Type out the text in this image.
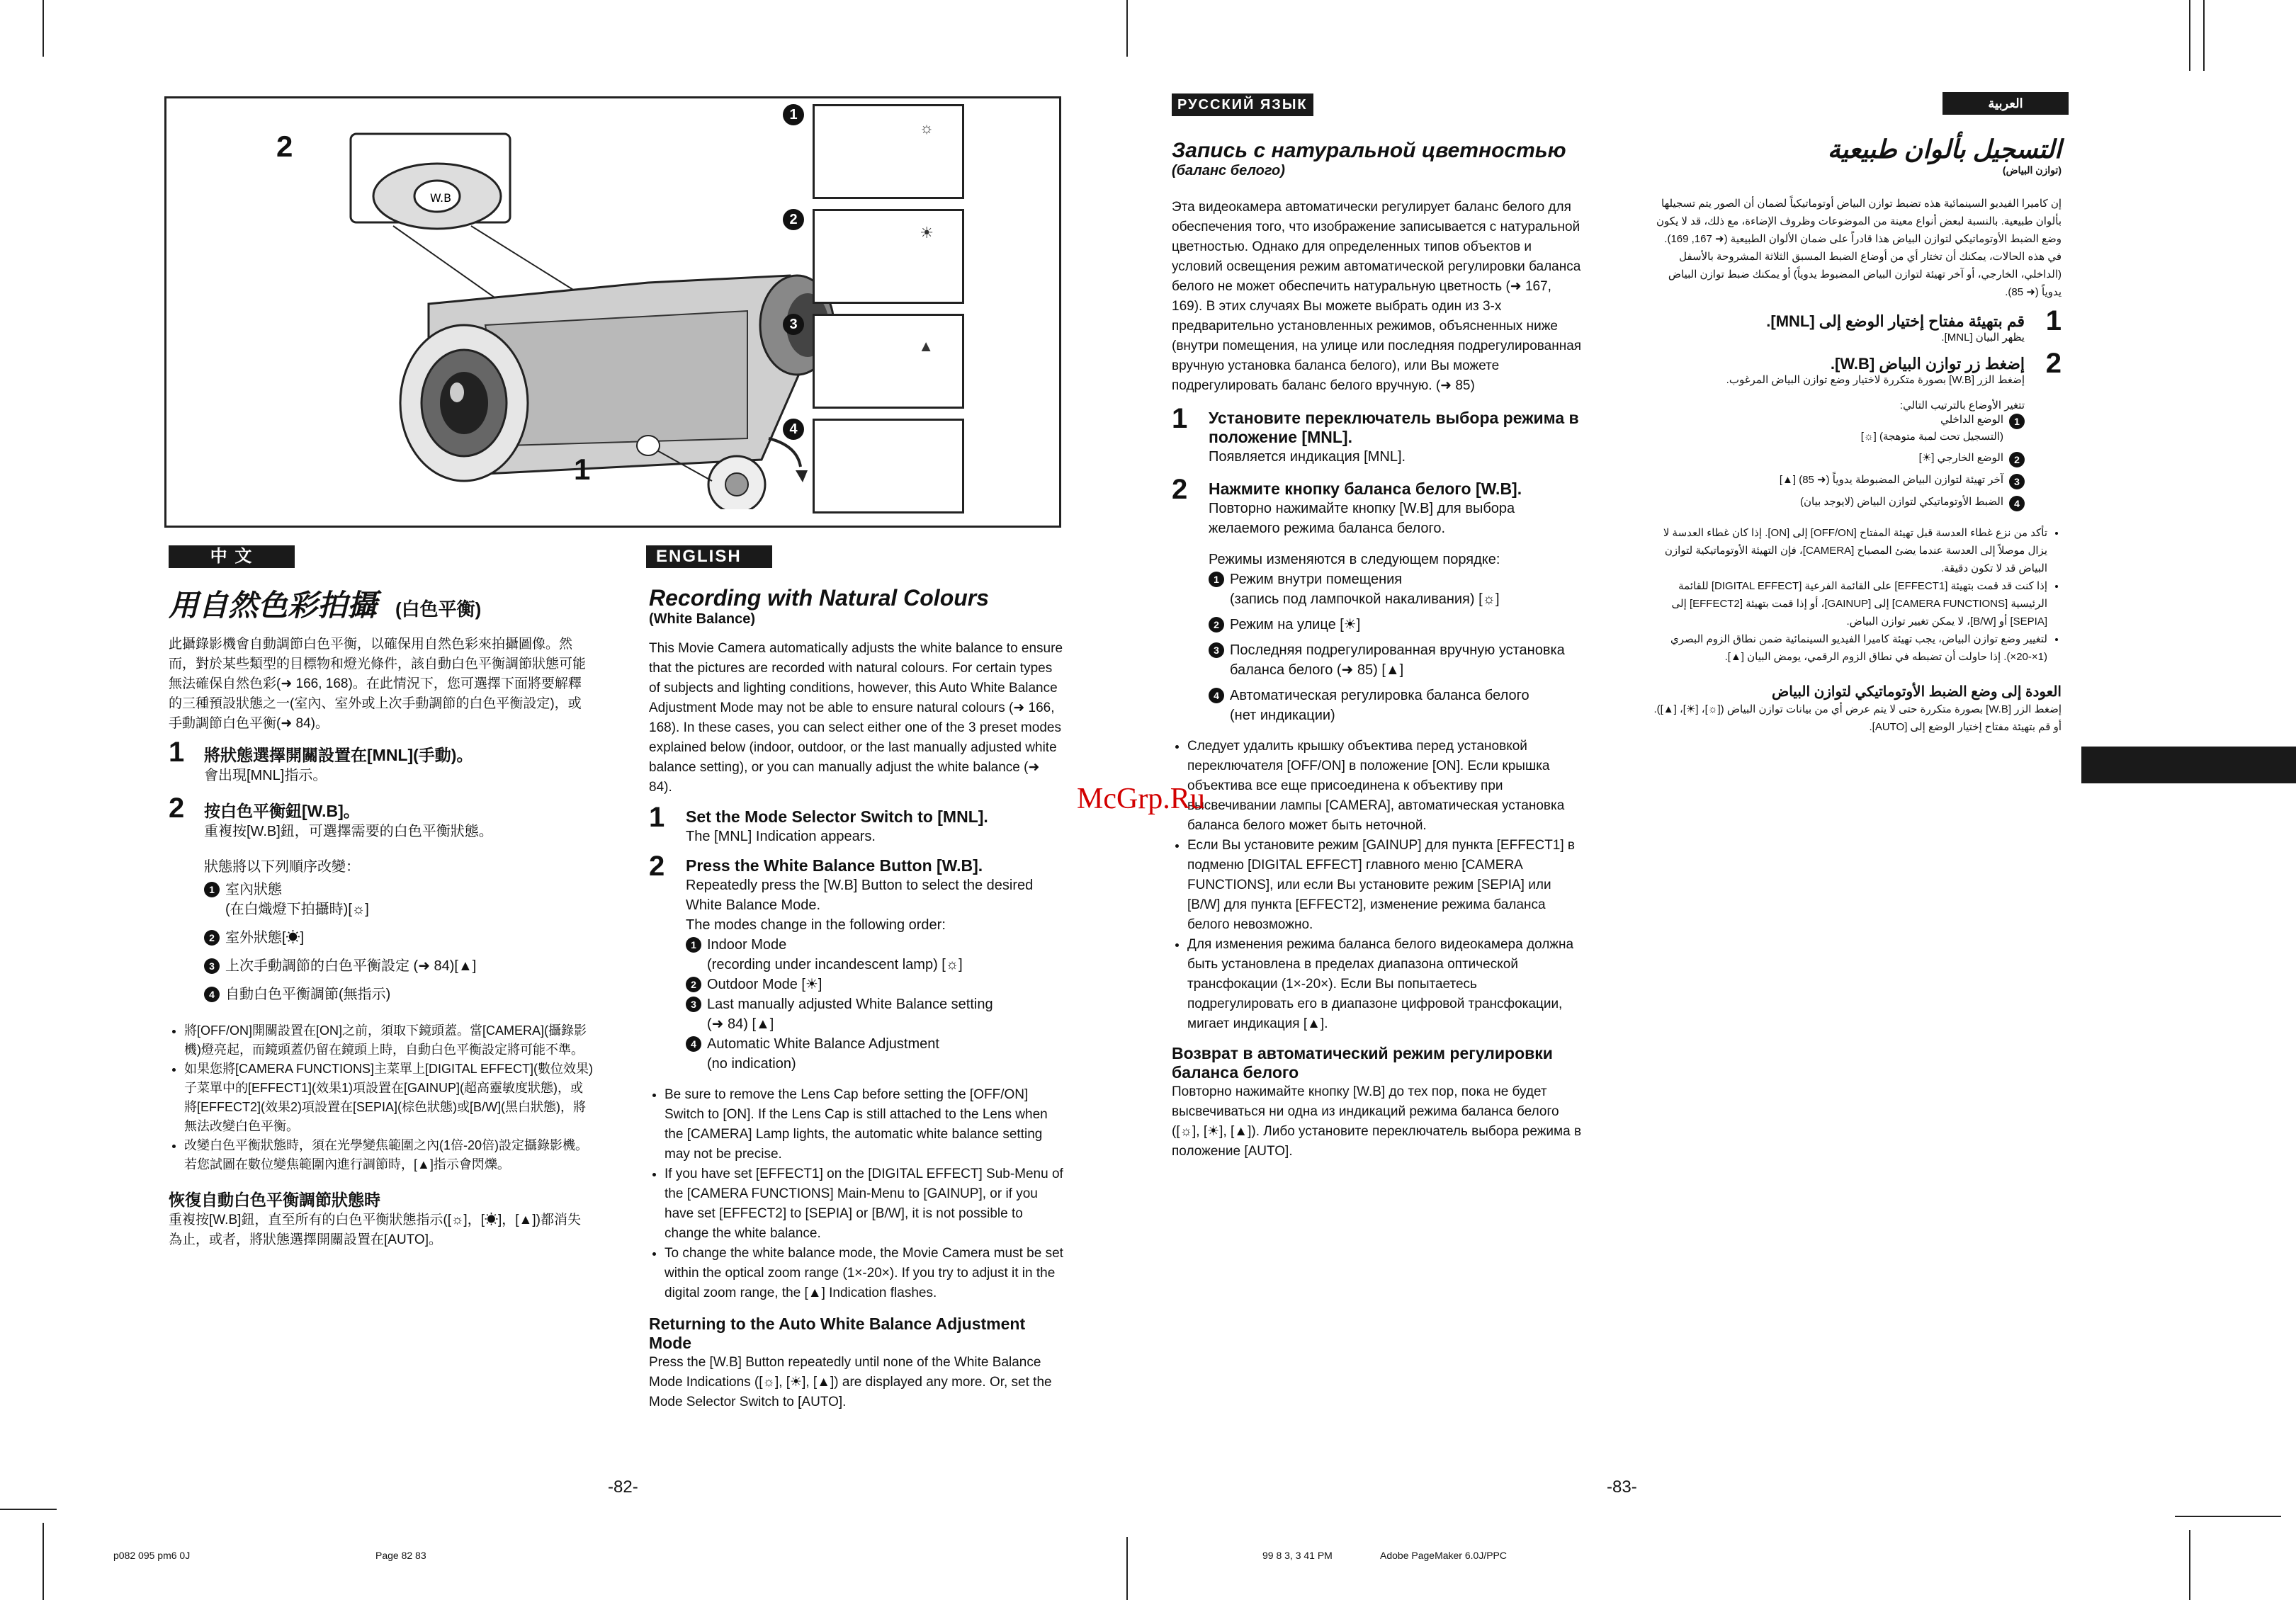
W.B
2
1
1
☼
2
☀
3
▲
4
中 文
用自然色彩拍攝 (白色平衡)
此攝錄影機會自動調節白色平衡，以確保用自然色彩來拍攝圖像。然而，對於某些類型的目標物和燈光條件，該自動白色平衡調節狀態可能無法確保自然色彩(➜ 166, 168)。在此情況下，您可選擇下面將要解釋的三種預設狀態之一(室內、室外或上次手動調節的白色平衡設定)，或手動調節白色平衡(➜ 84)。
1 將狀態選擇開關設置在[MNL](手動)。
會出現[MNL]指示。
2 按白色平衡鈕[W.B]。
重複按[W.B]鈕，可選擇需要的白色平衡狀態。
狀態將以下列順序改變：
1 室內狀態
(在白熾燈下拍攝時)[☼]
2 室外狀態[☀]
3 上次手動調節的白色平衡設定 (➜ 84)[▲]
4 自動白色平衡調節(無指示)
• 將[OFF/ON]開關設置在[ON]之前，須取下鏡頭蓋。當[CAMERA](攝錄影機)燈亮起，而鏡頭蓋仍留在鏡頭上時，自動白色平衡設定將可能不準。
• 如果您將[CAMERA FUNCTIONS]主菜單上[DIGITAL EFFECT](數位效果)子菜單中的[EFFECT1](效果1)項設置在[GAINUP](超高靈敏度狀態)，或將[EFFECT2](效果2)項設置在[SEPIA](棕色狀態)或[B/W](黑白狀態)，將無法改變白色平衡。
• 改變白色平衡狀態時，須在光學變焦範圍之內(1倍-20倍)設定攝錄影機。若您試圖在數位變焦範圍內進行調節時，[▲]指示會閃爍。
恢復自動白色平衡調節狀態時
重複按[W.B]鈕，直至所有的白色平衡狀態指示([☼]，[☀]，[▲])都消失為止，或者，將狀態選擇開關設置在[AUTO]。
ENGLISH
Recording with Natural Colours
(White Balance)
This Movie Camera automatically adjusts the white balance to ensure that the pictures are recorded with natural colours. For certain types of subjects and lighting conditions, however, this Auto White Balance Adjustment Mode may not be able to ensure natural colours (➜ 166, 168). In these cases, you can select either one of the 3 preset modes explained below (indoor, outdoor, or the last manually adjusted white balance setting), or you can manually adjust the white balance (➜ 84).
1 Set the Mode Selector Switch to [MNL].
The [MNL] Indication appears.
2 Press the White Balance Button [W.B].
Repeatedly press the [W.B] Button to select the desired White Balance Mode.
The modes change in the following order:
1 Indoor Mode
(recording under incandescent lamp) [☼]
2 Outdoor Mode [☀]
3 Last manually adjusted White Balance setting
(➜ 84) [▲]
4 Automatic White Balance Adjustment
(no indication)
• Be sure to remove the Lens Cap before setting the [OFF/ON] Switch to [ON]. If the Lens Cap is still attached to the Lens when the [CAMERA] Lamp lights, the automatic white balance setting may not be precise.
• If you have set [EFFECT1] on the [DIGITAL EFFECT] Sub-Menu of the [CAMERA FUNCTIONS] Main-Menu to [GAINUP], or if you have set [EFFECT2] to [SEPIA] or [B/W], it is not possible to change the white balance.
• To change the white balance mode, the Movie Camera must be set within the optical zoom range (1×-20×). If you try to adjust it in the digital zoom range, the [▲] Indication flashes.
Returning to the Auto White Balance Adjustment Mode
Press the [W.B] Button repeatedly until none of the White Balance Mode Indications ([☼], [☀], [▲]) are displayed any more. Or, set the Mode Selector Switch to [AUTO].
-82-
РУССКИЙ ЯЗЫК
Запись с натуральной цветностью (баланс белого)
Эта видеокамера автоматически регулирует баланс белого для обеспечения того, что изображение записывается с натуральной цветностью. Однако для определенных типов объектов и условий освещения режим автоматической регулировки баланса белого не может обеспечить натуральную цветность (➜ 167, 169). В этих случаях Вы можете выбрать один из 3-х предварительно установленных режимов, объясненных ниже (внутри помещения, на улице или последняя подрегулированная вручную установка баланса белого), или Вы можете подрегулировать баланс белого вручную. (➜ 85)
1 Установите переключатель выбора режима в положение [MNL].
Появляется индикация [MNL].
2 Нажмите кнопку баланса белого [W.B].
Повторно нажимайте кнопку [W.B] для выбора желаемого режима баланса белого.
Режимы изменяются в следующем порядке:
1 Режим внутри помещения
(запись под лампочкой накаливания) [☼]
2 Режим на улице [☀]
3 Последняя подрегулированная вручную установка баланса белого (➜ 85) [▲]
4 Автоматическая регулировка баланса белого
(нет индикации)
• Следует удалить крышку объектива перед установкой переключателя [OFF/ON] в положение [ON]. Если крышка объектива все еще присоединена к объективу при высвечивании лампы [CAMERA], автоматическая установка баланса белого может быть неточной.
• Если Вы установите режим [GAINUP] для пункта [EFFECT1] в подменю [DIGITAL EFFECT] главного меню [CAMERA FUNCTIONS], или если Вы установите режим [SEPIA] или [B/W] для пункта [EFFECT2], изменение режима баланса белого невозможно.
• Для изменения режима баланса белого видеокамера должна быть установлена в пределах диапазона оптической трансфокации (1×-20×). Если Вы попытаетесь подрегулировать его в диапазоне цифровой трансфокации, мигает индикация [▲].
Возврат в автоматический режим регулировки баланса белого
Повторно нажимайте кнопку [W.B] до тех пор, пока не будет высвечиваться ни одна из индикаций режима баланса белого ([☼], [☀], [▲]). Либо установите переключатель выбора режима в положение [AUTO].
العربية
التسجيل بألوان طبيعية
(توازن البياض)
إن كاميرا الفيديو السينمائية هذه تضبط توازن البياض أوتوماتيكياً لضمان أن الصور يتم تسجيلها بألوان طبيعية. بالنسبة لبعض أنواع معينة من الموضوعات وظروف الإضاءة، مع ذلك، قد لا يكون وضع الضبط الأوتوماتيكي لتوازن البياض هذا قادراً على ضمان الألوان الطبيعية (➜ 167, 169). في هذه الحالات، يمكنك أن تختار أي من أوضاع الضبط المسبق الثلاثة المشروحة بالأسفل (الداخلي، الخارجي، أو آخر تهيئة لتوازن البياض المضبوط يدوياً) أو يمكنك ضبط توازن البياض يدوياً (➜ 85).
1
قم بتهيئة مفتاح إختيار الوضع إلى [MNL].
يظهر البيان [MNL].
2
إضغط زر توازن البياض [W.B].
إضغط الزر [W.B] بصورة متكررة لاختيار وضع توازن البياض المرغوب.
تتغير الأوضاع بالترتيب التالي:
1
الوضع الداخلي
(التسجيل تحت لمبة متوهجة) [☼]
2
الوضع الخارجي [☀]
3
آخر تهيئة لتوازن البياض المضبوطة يدوياً (➜ 85) [▲]
4
الضبط الأوتوماتيكي لتوازن البياض (لايوجد بيان)
• تأكد من نزع غطاء العدسة قبل تهيئة المفتاح [OFF/ON] إلى [ON]. إذا كان غطاء العدسة لا يزال موصلاً إلى العدسة عندما يضئ المصباح [CAMERA]، فإن التهيئة الأوتوماتيكية لتوازن البياض قد لا تكون دقيقة.
• إذا كنت قد قمت بتهيئة [EFFECT1] على القائمة الفرعية [DIGITAL EFFECT] للقائمة الرئيسية [CAMERA FUNCTIONS] إلى [GAINUP]، أو إذا قمت بتهيئة [EFFECT2] إلى [SEPIA] أو [B/W]، لا يمكن تغيير توازن البياض.
• لتغيير وضع توازن البياض، يجب تهيئة كاميرا الفيديو السينمائية ضمن نطاق الزوم البصري (1×-20×). إذا حاولت أن تضبطه في نطاق الزوم الرقمي، يومض البيان [▲].
العودة إلى وضع الضبط الأوتوماتيكي لتوازن البياض
إضغط الزر [W.B] بصورة متكررة حتى لا يتم عرض أي من بيانات توازن البياض ([☼]، [☀]، [▲]). أو قم بتهيئة مفتاح إختيار الوضع إلى [AUTO].
-83-
McGrp.Ru
p082 095 pm6 0J	Page 82 83	99 8 3, 3 41 PM	Adobe PageMaker 6.0J/PPC
